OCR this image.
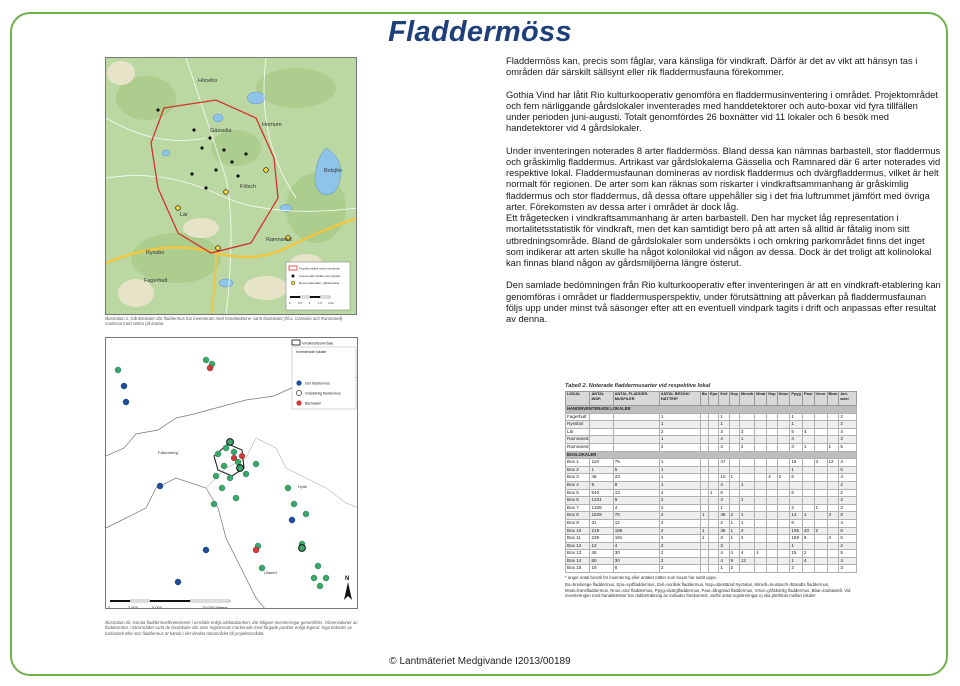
Fladdermöss
Hönebo
Hornum
Gässelia
Fölsch
Ryssbo
Fagerhult
Ramnared
Lär
Bolsjön
Projektområde sista inventerat
Inventerade fladdermus gårdar
Boxar placerade i gårdslokaler
0	0.5	1	1.5 2 km
Illustration 1. Gårdslokaler där fladdermus har inventerats med handetektorer samt boxlokaler (bl.a. Gässelia och Ramnared) markerat med cirklar på kartan.
Falkenberg
Ullared
Hylte
Vindkraftsområde
Inventerade lokaler
stor fladdermus
Gråskimlig fladdermus
Barbastell
N
0	2 500	5 000	10 000 Meters
Illustration 2b. Kända fladdermusförekomster i området enligt artdatabanken, där tidigare inventeringar genomförts. Observationer av fladdermöss i närområdet samt de boxlokaler där arter registrerats markerade med färgade punkter enligt legend. Inga kolonier av barbastell eller stor fladdermus är kända i det direkta närområdet till projektområdet.

Fladdermöss kan, precis som fåglar, vara känsliga för vindkraft. Därför är det av vikt att hänsyn tas i områden där särskilt sällsynt eller rik fladdermusfauna förekommer.

Gothia Vind har låtit Rio kulturkooperativ genomföra en fladdermusinventering i området. Projektområdet och fem närliggande gårdslokaler inventerades med handdetektorer och auto-boxar vid fyra tillfällen under perioden juni-augusti. Totalt genomfördes 26 boxnätter vid 11 lokaler och 6 besök med handetektorer vid 4 gårdslokaler.

Under inventeringen noterades 8 arter fladdermöss. Bland dessa kan nämnas barbastell, stor fladdermus och gråskimlig fladdermus. Artrikast var gårdslokalerna Gässelia och Ramnared där 6 arter noterades vid respektive lokal. Fladdermusfaunan domineras av nordisk fladdermus och dvärgfladdermus, vilket är helt normalt för regionen. De arter som kan räknas som riskarter i vindkraftsammanhang är gråskimlig fladdermus och stor fladdermus, då dessa oftare uppehåller sig i det fria luftrummet jämfört med övriga arter. Förekomsten av dessa arter i området är dock låg.

Ett frågetecken i vindkraftsammanhang är arten barbastell. Den har mycket låg representation i mortalitetsstatistik för vindkraft, men det kan samtidigt bero på att arten så alltid är fåtalig inom sitt utbredningsområde. Bland de gårdslokaler som undersökts i och omkring parkområdet finns det inget som indikerar att arten skulle ha något kolonilokal vid någon av dessa. Dock är det troligt att kolinolokal kan finnas bland någon av gårdsmiljöerna längre österut.

Den samlade bedömningen från Rio kulturkooperativ efter inventeringen är att en vindkraft-etablering kan genomföras i området ur fladdermusperspektiv, under förutsättning att påverkan på fladdermusfaunan följs upp under minst två säsonger efter att en eventuell vindpark tagits i drift och anpassas efter resultat av denna.

Tabell 2. Noterade fladdermusarter vid respektive lokal
LOKAL	ANTAL INSP.	ANTAL FLADDER-MUSFILER	ANTAL BESÖK/ NÄTTER*	Bo	Epo	Enil	Nsp	Mms/b	Mnat	Nsp	Nnoc	Ppyg	Paur	Vmur	Bbar	Ant. arter
HANDINVENTERADE LOKALER																
Fagerhult			1			1						1				2
Ryssbol			1			1						1				2
Lär			2			3		3				5	4			4
Ramnared			1			4		1				4				3
Ramnared			2			3		2				3	1		1	5
BOXLOKALER																
Box 1	119	75	1			47						15		3	12	4
Box 2	1	5	1									1				0
Box 3	48	23	1			10	1			4	2	6				4
Box 4	9	8	1			4		1								2
Box 5	540	13	2		1	6						6				2
Box 6	1331	5	2			4		1								2
Box 7	1326	4	2			1						2		1		3
Box 8	1829	70	2	1		48	2	1				14	1		3	8
Box 9	31	12	2			2	1	1				8				4
Box 10	219	186	2	1		35	1	3				105	40	2		6
Box 11	239	181	2	1		3	1	2				159	9		4	6
Box 12	12	4	2			3						1				2
Box 13	48	30	2			4	4	4	1			15	2			5
Box 14	60	30	2			4	9	12				1	4			4
Box 15	19	8	2			1	2					2				3
* anger antal besök för inventering eller antalet nätter som boxar har suttit uppe.
Bo=bredvinge fladdermus, Epo=sydfladdermus, Enil=nordisk fladdermus, Nsp=obestämd Nyctalus, Mms/b=mustasch-/Brandts fladdermus, Mnat=fransfladdermus, Nnoc=stor fladdermus, Ppyg=dvärgfladdermus, Paur=långörad fladdermus, Vmur=gråskimlig fladdermus, Bbar=barbastell. Vid inventeringen med handdetektor har dubbelräkning av individer förekommit, varför antal registreringar ej ska jämföras mellan lokaler.
© Lantmäteriet Medgivande I2013/00189
